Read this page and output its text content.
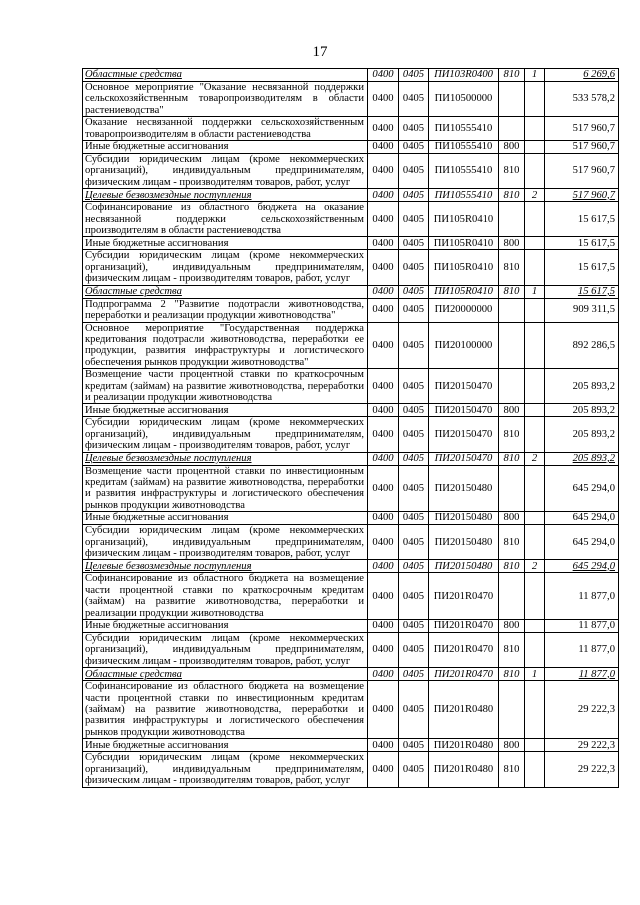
17
Областные средства	0400	0405	ПИ103R0400	810	1	6 269,6
Основное мероприятие "Оказание несвязанной поддержки сельскохозяйственным товаропроизводителям в области растениеводства"	0400	0405	ПИ10500000			533 578,2
Оказание несвязанной поддержки сельскохозяйственным товаропроизводителям в области растениеводства	0400	0405	ПИ10555410			517 960,7
Иные бюджетные ассигнования	0400	0405	ПИ10555410	800		517 960,7
Субсидии юридическим лицам (кроме некоммерческих организаций), индивидуальным предпринимателям, физическим лицам - производителям товаров, работ, услуг	0400	0405	ПИ10555410	810		517 960,7
Целевые безвозмездные поступления	0400	0405	ПИ10555410	810	2	517 960,7
Софинансирование из областного бюджета на оказание несвязанной поддержки сельскохозяйственным производителям в области растениеводства	0400	0405	ПИ105R0410			15 617,5
Иные бюджетные ассигнования	0400	0405	ПИ105R0410	800		15 617,5
Субсидии юридическим лицам (кроме некоммерческих организаций), индивидуальным предпринимателям, физическим лицам - производителям товаров, работ, услуг	0400	0405	ПИ105R0410	810		15 617,5
Областные средства	0400	0405	ПИ105R0410	810	1	15 617,5
Подпрограмма 2 "Развитие подотрасли животноводства, переработки и реализации продукции животноводства"	0400	0405	ПИ20000000			909 311,5
Основное мероприятие "Государственная поддержка кредитования подотрасли животноводства, переработки ее продукции, развития инфраструктуры и логистического обеспечения рынков продукции животноводства"	0400	0405	ПИ20100000			892 286,5
Возмещение части процентной ставки по краткосрочным кредитам (займам) на развитие животноводства, переработки и реализации продукции животноводства	0400	0405	ПИ20150470			205 893,2
Иные бюджетные ассигнования	0400	0405	ПИ20150470	800		205 893,2
Субсидии юридическим лицам (кроме некоммерческих организаций), индивидуальным предпринимателям, физическим лицам - производителям товаров, работ, услуг	0400	0405	ПИ20150470	810		205 893,2
Целевые безвозмездные поступления	0400	0405	ПИ20150470	810	2	205 893,2
Возмещение части процентной ставки по инвестиционным кредитам (займам) на развитие животноводства, переработки и развития инфраструктуры и логистического обеспечения рынков продукции животноводства	0400	0405	ПИ20150480			645 294,0
Иные бюджетные ассигнования	0400	0405	ПИ20150480	800		645 294,0
Субсидии юридическим лицам (кроме некоммерческих организаций), индивидуальным предпринимателям, физическим лицам - производителям товаров, работ, услуг	0400	0405	ПИ20150480	810		645 294,0
Целевые безвозмездные поступления	0400	0405	ПИ20150480	810	2	645 294,0
Софинансирование из областного бюджета на возмещение части процентной ставки по краткосрочным кредитам (займам) на развитие животноводства, переработки и реализации продукции животноводства	0400	0405	ПИ201R0470			11 877,0
Иные бюджетные ассигнования	0400	0405	ПИ201R0470	800		11 877,0
Субсидии юридическим лицам (кроме некоммерческих организаций), индивидуальным предпринимателям, физическим лицам - производителям товаров, работ, услуг	0400	0405	ПИ201R0470	810		11 877,0
Областные средства	0400	0405	ПИ201R0470	810	1	11 877,0
Софинансирование из областного бюджета на возмещение части процентной ставки по инвестиционным кредитам (займам) на развитие животноводства, переработки и развития инфраструктуры и логистического обеспечения рынков продукции животноводства	0400	0405	ПИ201R0480			29 222,3
Иные бюджетные ассигнования	0400	0405	ПИ201R0480	800		29 222,3
Субсидии юридическим лицам (кроме некоммерческих организаций), индивидуальным предпринимателям, физическим лицам - производителям товаров, работ, услуг	0400	0405	ПИ201R0480	810		29 222,3
